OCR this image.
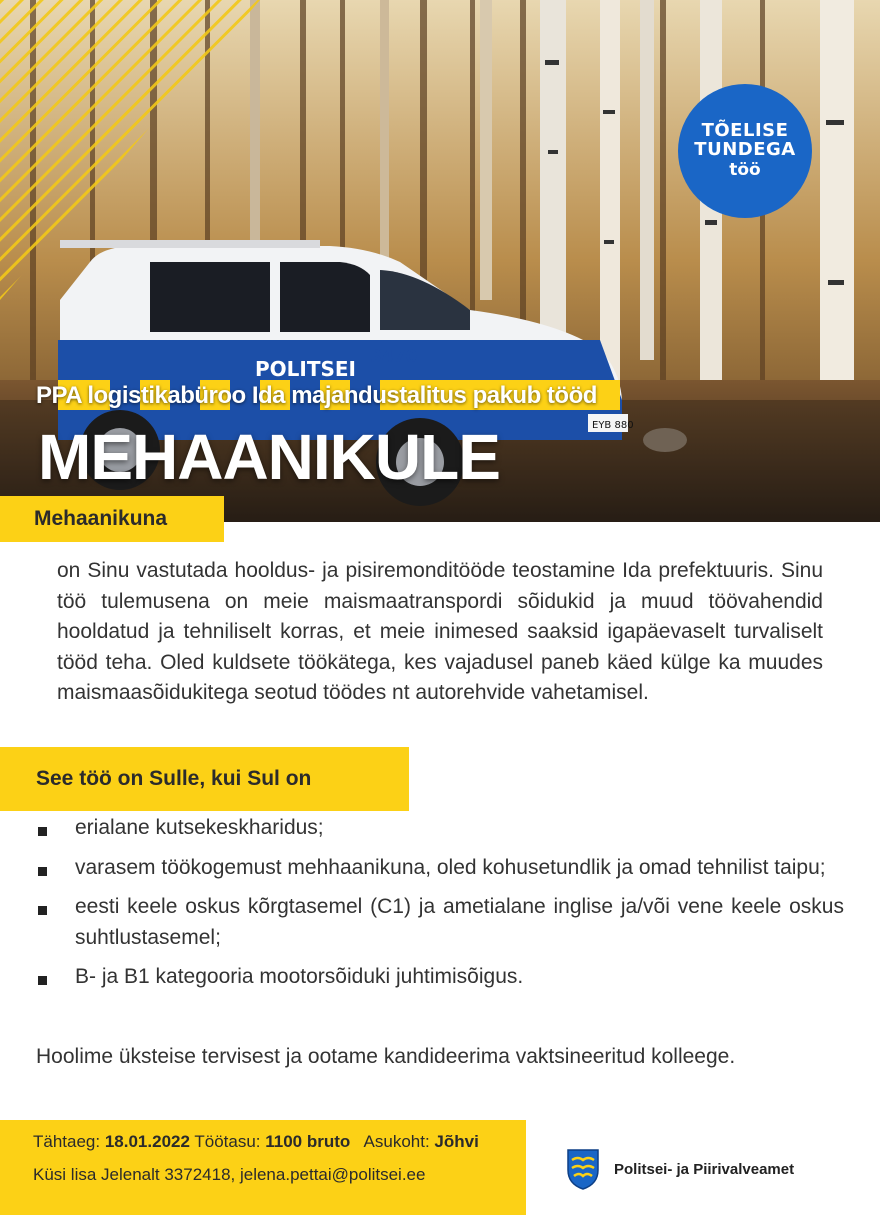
3470
POLITSEI
EYB 880
TÕELISE
TUNDEGA
töö
PPA logistikabüroo Ida majandustalitus pakub tööd
MEHAANIKULE
Mehaanikuna
on Sinu vastutada hooldus- ja pisiremonditööde teostamine Ida prefektuuris. Sinu töö tulemusena on meie maismaatranspordi sõidukid ja muud töövahendid hooldatud ja tehniliselt korras, et meie inimesed saaksid igapäevaselt turvaliselt tööd teha. Oled kuldsete töökätega, kes vajadusel paneb käed külge ka muudes maismaasõidukitega seotud töödes nt autorehvide vahetamisel.
See töö on Sulle, kui Sul on
erialane kutsekeskharidus;
varasem töökogemust mehhaanikuna, oled kohusetundlik ja omad tehnilist taipu;
eesti keele oskus kõrgtasemel (C1) ja ametialane inglise ja/või vene keele oskus suhtlustasemel;
B- ja B1 kategooria mootorsõiduki juhtimisõigus.
Hoolime üksteise tervisest ja ootame kandideerima vaktsineeritud kolleege.
Tähtaeg: 18.01.2022 Töötasu: 1100 bruto Asukoht: Jõhvi
Küsi lisa Jelenalt 3372418, jelena.pettai@politsei.ee	Politsei- ja Piirivalveamet
